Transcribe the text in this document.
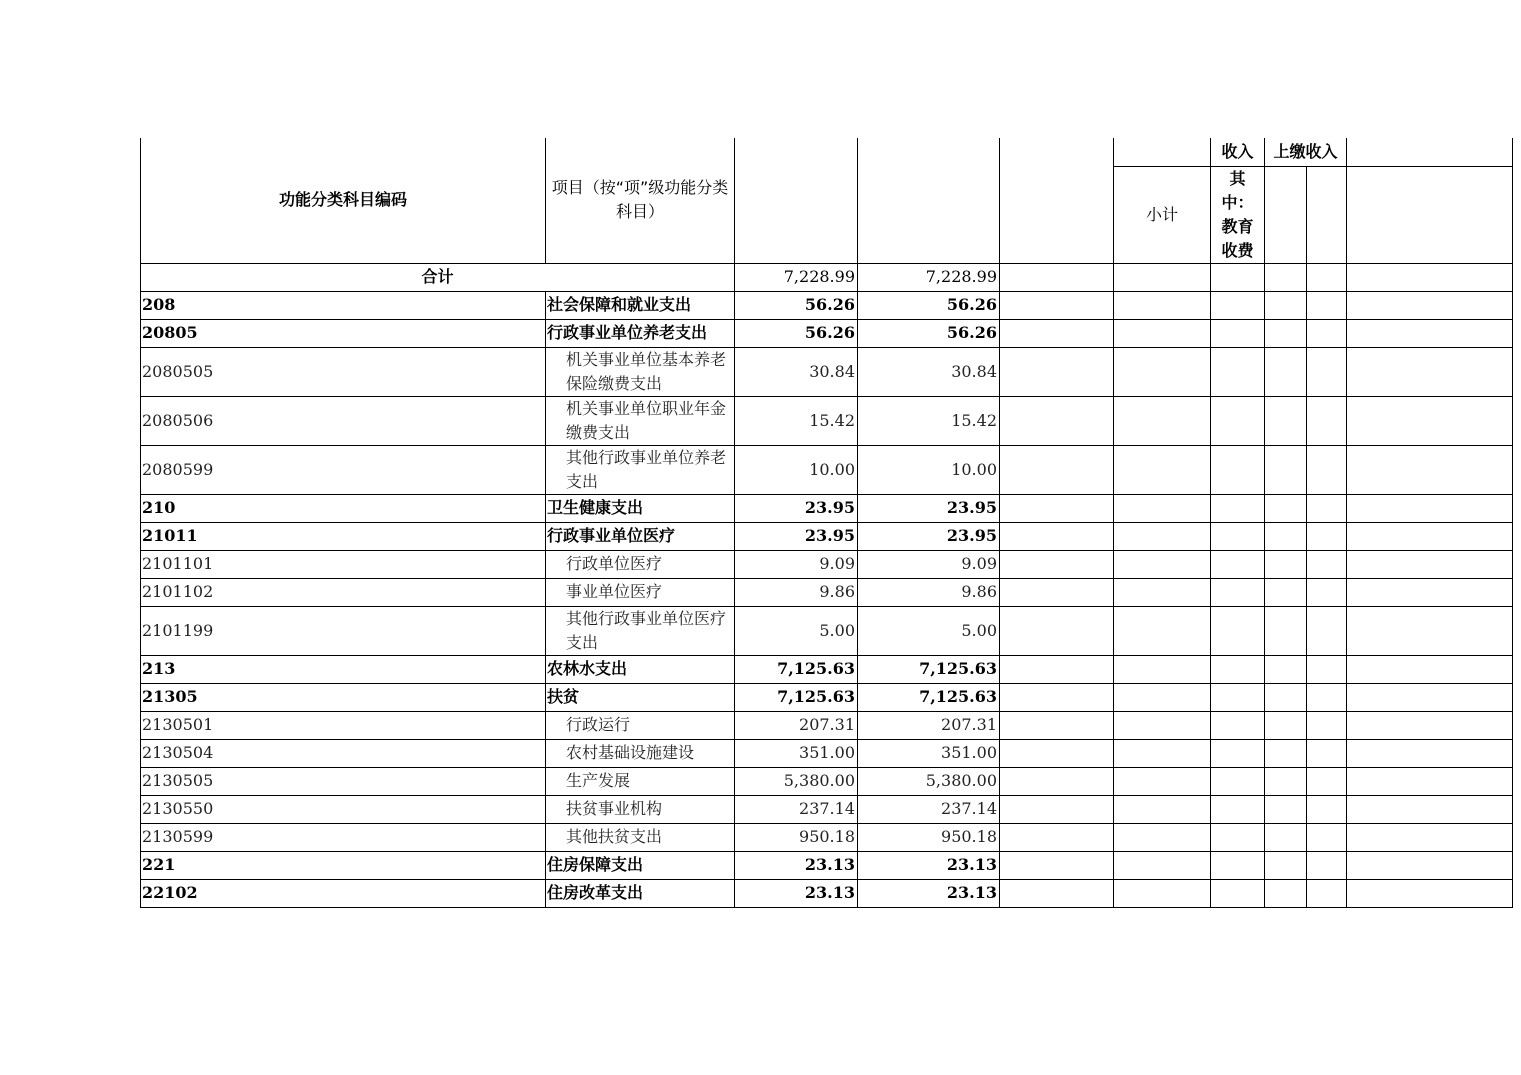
功能分类科目编码	项目（按“项”级功能分类科目）					收入	上缴收入		
					小计	其中：教育收费			
合计		7,228.99	7,228.99						
208	社会保障和就业支出	56.26	56.26						
20805	行政事业单位养老支出	56.26	56.26						
2080505	机关事业单位基本养老保险缴费支出	30.84	30.84						
2080506	机关事业单位职业年金缴费支出	15.42	15.42						
2080599	其他行政事业单位养老支出	10.00	10.00						
210	卫生健康支出	23.95	23.95						
21011	行政事业单位医疗	23.95	23.95						
2101101	行政单位医疗	9.09	9.09						
2101102	事业单位医疗	9.86	9.86						
2101199	其他行政事业单位医疗支出	5.00	5.00						
213	农林水支出	7,125.63	7,125.63						
21305	扶贫	7,125.63	7,125.63						
2130501	行政运行	207.31	207.31						
2130504	农村基础设施建设	351.00	351.00						
2130505	生产发展	5,380.00	5,380.00						
2130550	扶贫事业机构	237.14	237.14						
2130599	其他扶贫支出	950.18	950.18						
221	住房保障支出	23.13	23.13						
22102	住房改革支出	23.13	23.13						
